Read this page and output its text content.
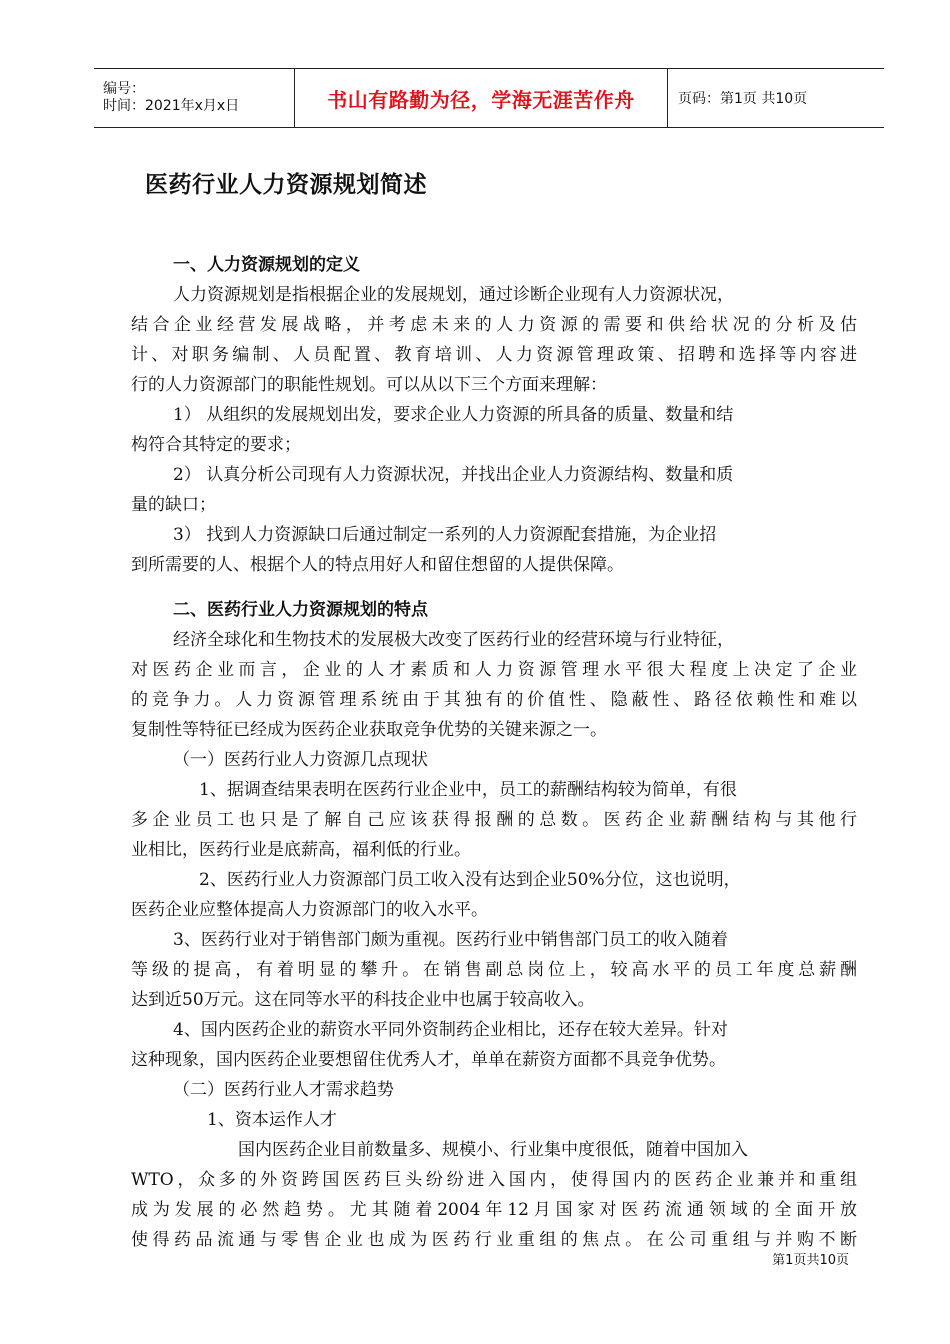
编号：
时间：2021年x月x日	书山有路勤为径，学海无涯苦作舟	页码：第1页 共10页
医药行业人力资源规划简述
一、人力资源规划的定义
人力资源规划是指根据企业的发展规划，通过诊断企业现有人力资源状况，
结合企业经营发展战略，并考虑未来的人力资源的需要和供给状况的分析及估
计、对职务编制、人员配置、教育培训、人力资源管理政策、招聘和选择等内容进
行的人力资源部门的职能性规划。可以从以下三个方面来理解：
1） 从组织的发展规划出发，要求企业人力资源的所具备的质量、数量和结
构符合其特定的要求；
2） 认真分析公司现有人力资源状况，并找出企业人力资源结构、数量和质
量的缺口；
3） 找到人力资源缺口后通过制定一系列的人力资源配套措施，为企业招
到所需要的人、根据个人的特点用好人和留住想留的人提供保障。
二、医药行业人力资源规划的特点
经济全球化和生物技术的发展极大改变了医药行业的经营环境与行业特征，
对医药企业而言，企业的人才素质和人力资源管理水平很大程度上决定了企业
的竞争力。人力资源管理系统由于其独有的价值性、隐蔽性、路径依赖性和难以
复制性等特征已经成为医药企业获取竞争优势的关键来源之一。
（一）医药行业人力资源几点现状
1、据调查结果表明在医药行业企业中，员工的薪酬结构较为简单，有很
多企业员工也只是了解自己应该获得报酬的总数。医药企业薪酬结构与其他行
业相比，医药行业是底薪高，福利低的行业。
2、医药行业人力资源部门员工收入没有达到企业50%分位，这也说明，
医药企业应整体提高人力资源部门的收入水平。
3、医药行业对于销售部门颇为重视。医药行业中销售部门员工的收入随着
等级的提高，有着明显的攀升。在销售副总岗位上，较高水平的员工年度总薪酬
达到近50万元。这在同等水平的科技企业中也属于较高收入。
4、国内医药企业的薪资水平同外资制药企业相比，还存在较大差异。针对
这种现象，国内医药企业要想留住优秀人才，单单在薪资方面都不具竞争优势。
（二）医药行业人才需求趋势
1、资本运作人才
国内医药企业目前数量多、规模小、行业集中度很低，随着中国加入
WTO，众多的外资跨国医药巨头纷纷进入国内，使得国内的医药企业兼并和重组
成为发展的必然趋势。尤其随着2004年12月国家对医药流通领域的全面开放
使得药品流通与零售企业也成为医药行业重组的焦点。在公司重组与并购不断
第1页共10页
